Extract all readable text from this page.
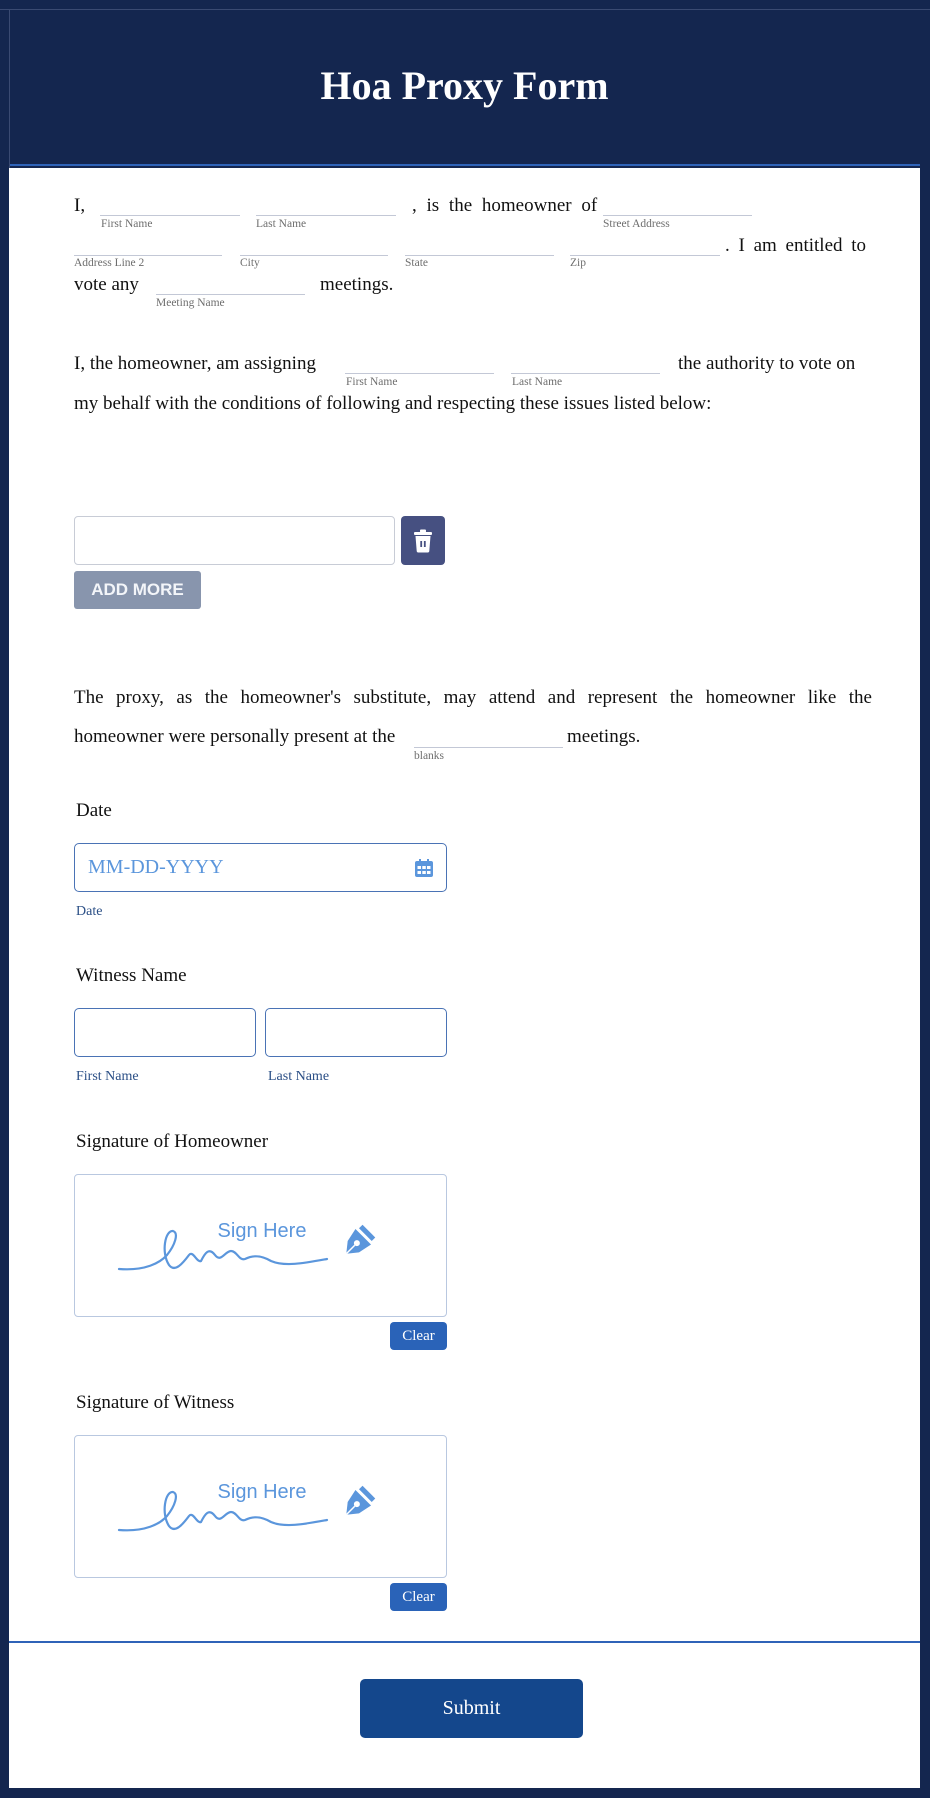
Hoa Proxy Form
I,
First Name	Last Name
, is the homeowner of
Street Address
Address Line 2	City	State	Zip
. I am entitled to
vote any
Meeting Name
meetings.
I, the homeowner, am assigning
First Name	Last Name
the authority to vote on
my behalf with the conditions of following and respecting these issues listed below:
ADD MORE
The proxy, as the homeowner's substitute, may attend and represent the homeowner like the
homeowner were personally present at the
blanks
meetings.
Date
MM-DD-YYYY
Date
Witness Name
First Name	Last Name
Signature of Homeowner
Sign Here
Clear
Signature of Witness
Sign Here
Clear
Submit
